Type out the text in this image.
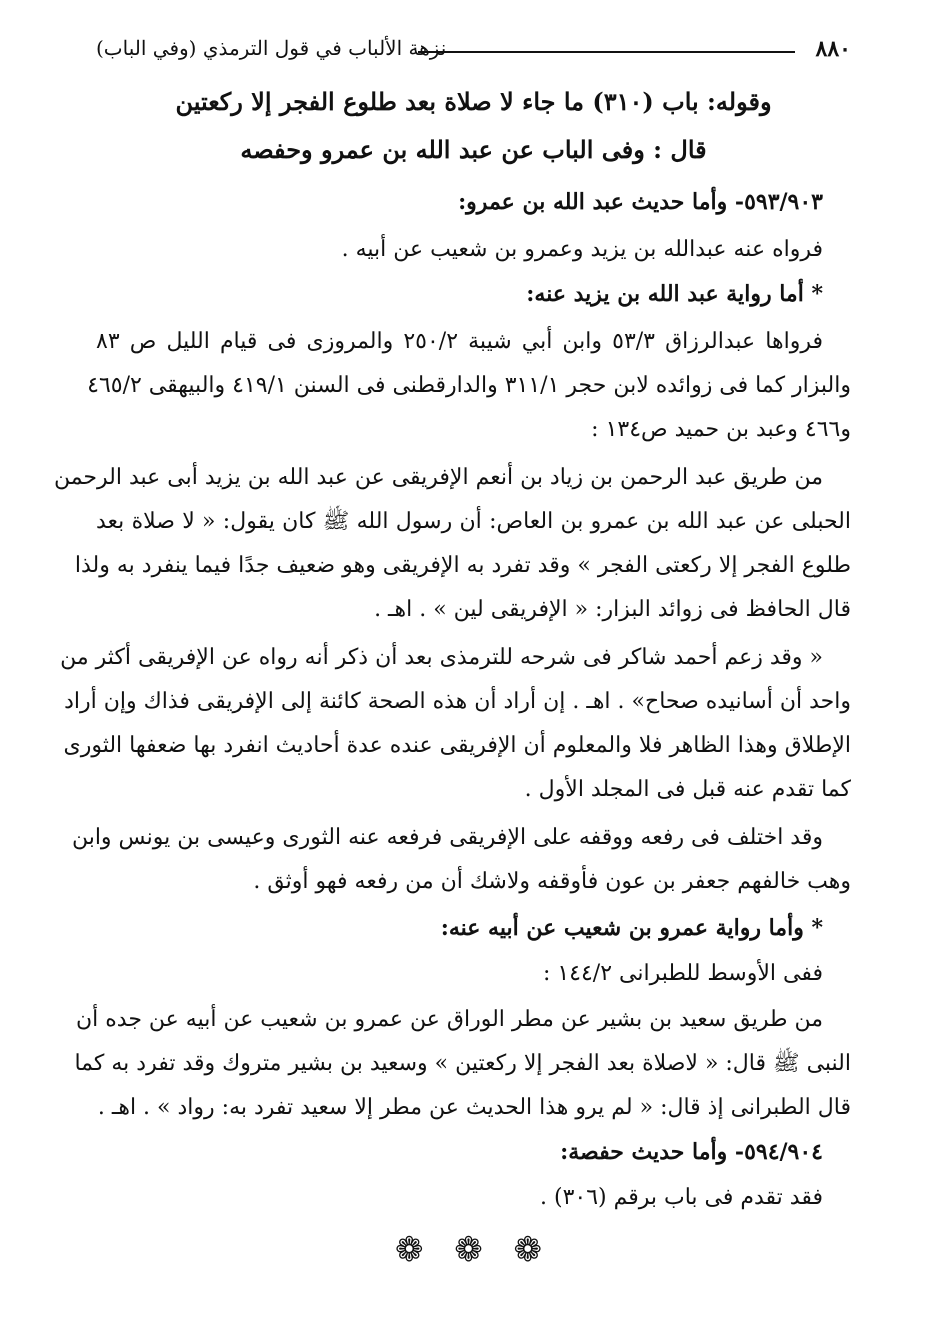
٨٨٠
نزهة الألباب في قول الترمذي (وفي الباب)
وقوله: باب (٣١٠) ما جاء لا صلاة بعد طلوع الفجر إلا ركعتين
قال : وفى الباب عن عبد الله بن عمرو وحفصه
٥٩٣/٩٠٣- وأما حديث عبد الله بن عمرو:
فرواه عنه عبدالله بن يزيد وعمرو بن شعيب عن أبيه .
* أما رواية عبد الله بن يزيد عنه:
فرواها عبدالرزاق ٥٣/٣ وابن أبي شيبة ٢٥٠/٢ والمروزى فى قيام الليل ص ٨٣
والبزار كما فى زوائده لابن حجر ٣١١/١ والدارقطنى فى السنن ٤١٩/١ والبيهقى ٤٦٥/٢
و٤٦٦ وعبد بن حميد ص١٣٤ :
من طريق عبد الرحمن بن زياد بن أنعم الإفريقى عن عبد الله بن يزيد أبى عبد الرحمن
الحبلى عن عبد الله بن عمرو بن العاص: أن رسول الله ﷺ كان يقول: « لا صلاة بعد
طلوع الفجر إلا ركعتى الفجر » وقد تفرد به الإفريقى وهو ضعيف جدًا فيما ينفرد به ولذا
قال الحافظ فى زوائد البزار: « الإفريقى لين » . اهـ .
« وقد زعم أحمد شاكر فى شرحه للترمذى بعد أن ذكر أنه رواه عن الإفريقى أكثر من
واحد أن أسانيده صحاح» . اهـ . إن أراد أن هذه الصحة كائنة إلى الإفريقى فذاك وإن أراد
الإطلاق وهذا الظاهر فلا والمعلوم أن الإفريقى عنده عدة أحاديث انفرد بها ضعفها الثورى
كما تقدم عنه قبل فى المجلد الأول .
وقد اختلف فى رفعه ووقفه على الإفريقى فرفعه عنه الثورى وعيسى بن يونس وابن
وهب خالفهم جعفر بن عون فأوقفه ولاشك أن من رفعه فهو أوثق .
* وأما رواية عمرو بن شعيب عن أبيه عنه:
ففى الأوسط للطبرانى ١٤٤/٢ :
من طريق سعيد بن بشير عن مطر الوراق عن عمرو بن شعيب عن أبيه عن جده أن
النبى ﷺ قال: « لاصلاة بعد الفجر إلا ركعتين » وسعيد بن بشير متروك وقد تفرد به كما
قال الطبرانى إذ قال: « لم يرو هذا الحديث عن مطر إلا سعيد تفرد به: رواد » . اهـ .
٥٩٤/٩٠٤- وأما حديث حفصة:
فقد تقدم فى باب برقم (٣٠٦) .
❁ ❁ ❁
